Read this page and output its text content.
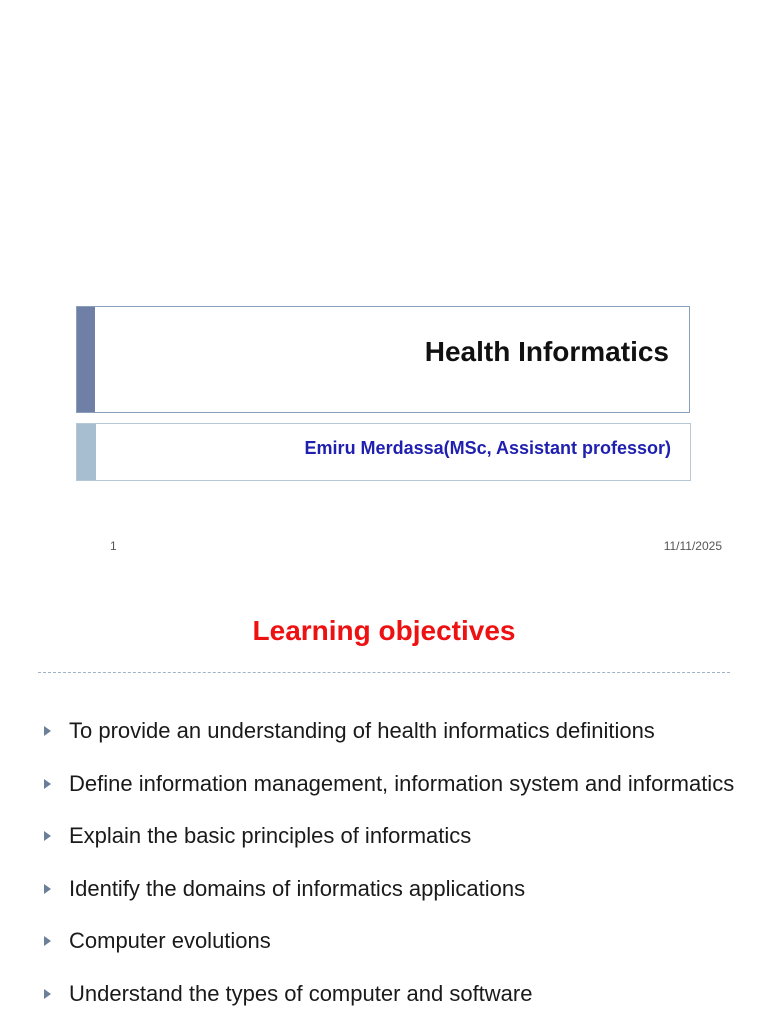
Health Informatics
Emiru Merdassa(MSc, Assistant professor)
1	11/11/2025
Learning objectives
To provide an understanding of health informatics definitions
Define information management, information system and informatics
Explain the basic principles of informatics
Identify the domains of informatics applications
Computer evolutions
Understand the types of computer and software
